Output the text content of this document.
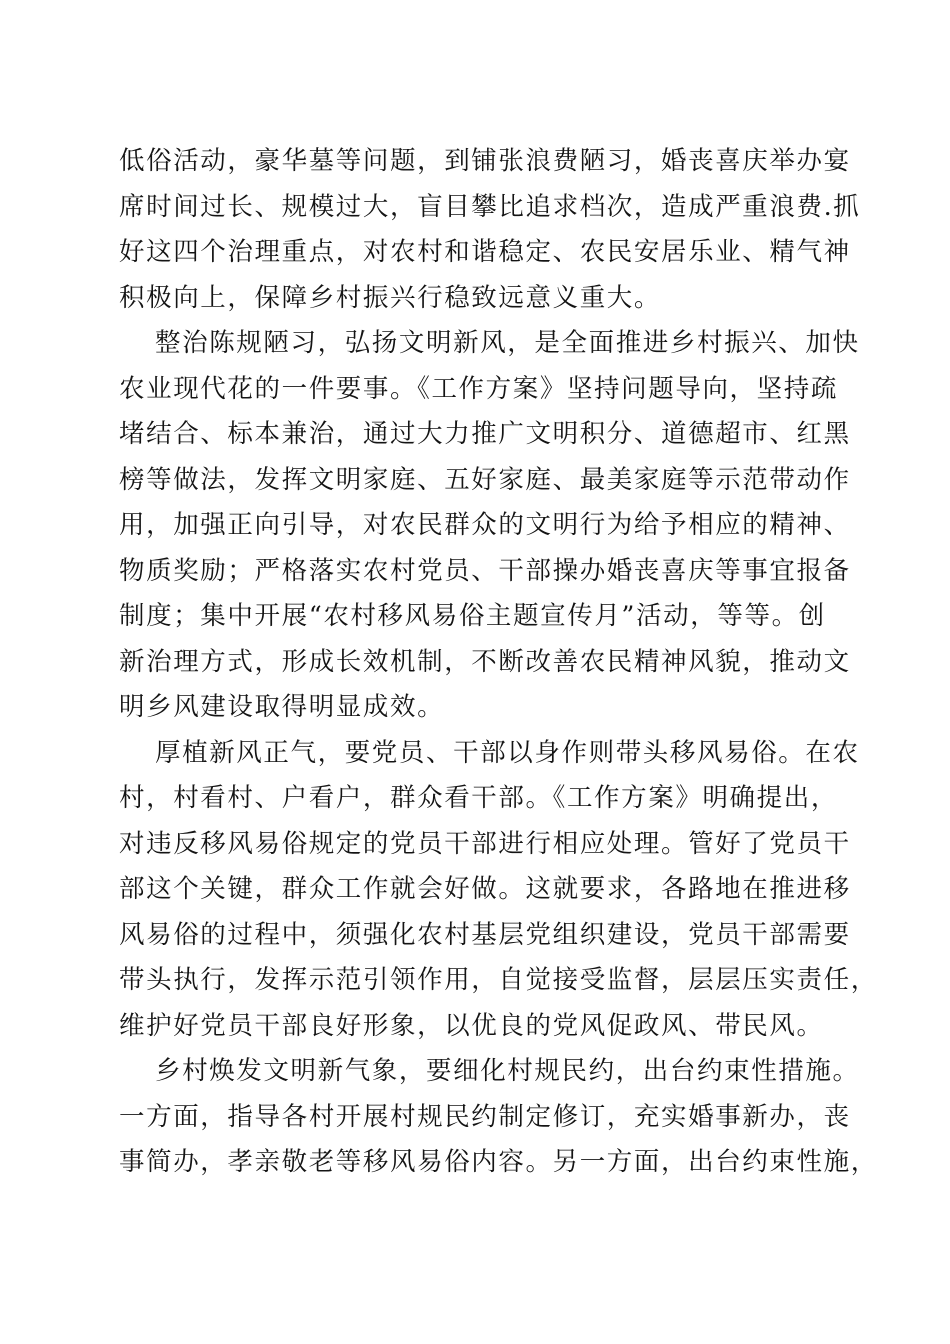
低俗活动，豪华墓等问题，到铺张浪费陋习，婚丧喜庆举办宴
席时间过长、规模过大，盲目攀比追求档次，造成严重浪费.抓
好这四个治理重点，对农村和谐稳定、农民安居乐业、精气神
积极向上，保障乡村振兴行稳致远意义重大。

整治陈规陋习，弘扬文明新风，是全面推进乡村振兴、加快
农业现代花的一件要事。《工作方案》坚持问题导向，坚持疏
堵结合、标本兼治，通过大力推广文明积分、道德超市、红黑
榜等做法，发挥文明家庭、五好家庭、最美家庭等示范带动作
用，加强正向引导，对农民群众的文明行为给予相应的精神、
物质奖励；严格落实农村党员、干部操办婚丧喜庆等事宜报备
制度；集中开展“农村移风易俗主题宣传月”活动，等等。创
新治理方式，形成长效机制，不断改善农民精神风貌，推动文
明乡风建设取得明显成效。

厚植新风正气，要党员、干部以身作则带头移风易俗。在农
村，村看村、户看户，群众看干部。《工作方案》明确提出，
对违反移风易俗规定的党员干部进行相应处理。管好了党员干
部这个关键，群众工作就会好做。这就要求，各路地在推进移
风易俗的过程中，须强化农村基层党组织建设，党员干部需要
带头执行，发挥示范引领作用，自觉接受监督，层层压实责任，
维护好党员干部良好形象，以优良的党风促政风、带民风。

乡村焕发文明新气象，要细化村规民约，出台约束性措施。
一方面，指导各村开展村规民约制定修订，充实婚事新办，丧
事简办，孝亲敬老等移风易俗内容。另一方面，出台约束性施，
